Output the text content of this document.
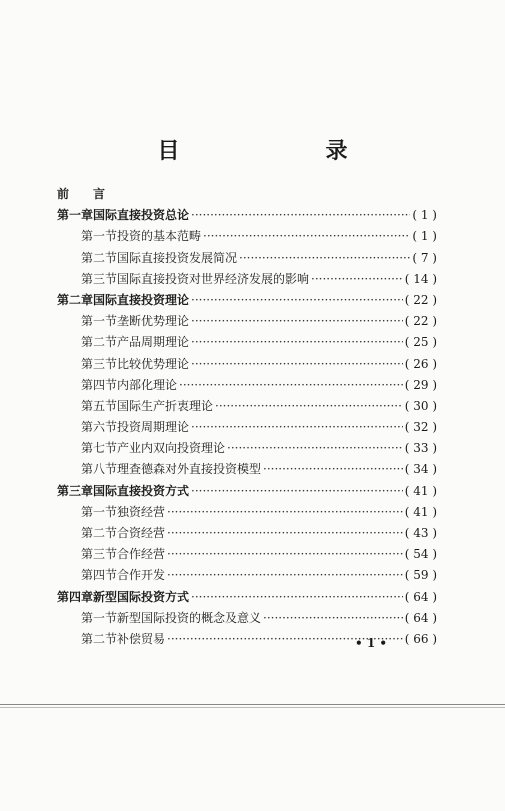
目　　录
前　言
第一章 国际直接投资总论 ·····	( 1 )
第一节 投资的基本范畴 ·····	( 1 )
第二节 国际直接投资发展简况 ·····	( 7 )
第三节 国际直接投资对世界经济发展的影响 ·····	( 14 )
第二章 国际直接投资理论 ·····	( 22 )
第一节 垄断优势理论 ·····	( 22 )
第二节 产品周期理论 ·····	( 25 )
第三节 比较优势理论 ·····	( 26 )
第四节 内部化理论 ·····	( 29 )
第五节 国际生产折衷理论 ·····	( 30 )
第六节 投资周期理论 ·····	( 32 )
第七节 产业内双向投资理论 ·····	( 33 )
第八节 理查德森对外直接投资模型 ·····	( 34 )
第三章 国际直接投资方式 ·····	( 41 )
第一节 独资经营 ·····	( 41 )
第二节 合资经营 ·····	( 43 )
第三节 合作经营 ·····	( 54 )
第四节 合作开发 ·····	( 59 )
第四章 新型国际投资方式 ·····	( 64 )
第一节 新型国际投资的概念及意义 ·····	( 64 )
第二节 补偿贸易 ·····	( 66 )
• 1 •
